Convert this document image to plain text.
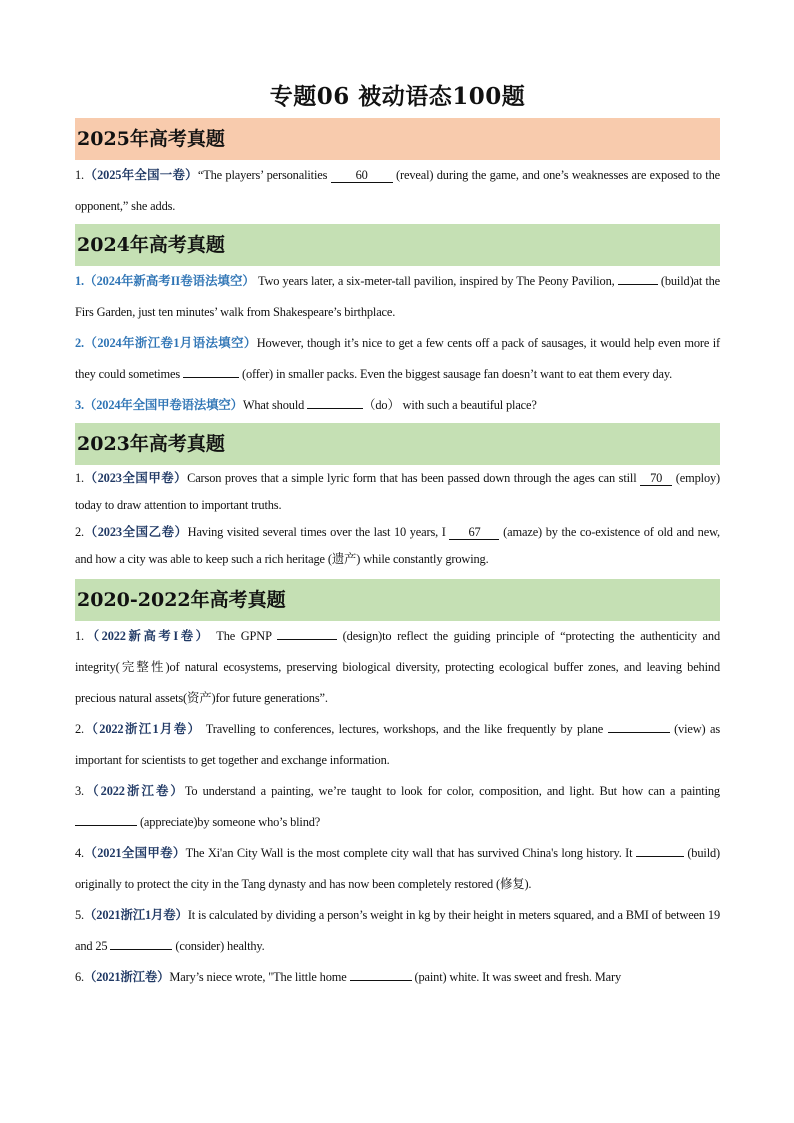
专题06 被动语态100题
2025年高考真题

1.（2025年全国一卷）“The players’ personalities 60 (reveal) during the game, and one’s weaknesses are exposed to the opponent,” she adds.

2024年高考真题

1.（2024年新高考II卷语法填空） Two years later, a six-meter-tall pavilion, inspired by The Peony Pavilion,	(build)at the Firs Garden, just ten minutes’ walk from Shakespeare’s birthplace.

2.（2024年浙江卷1月语法填空）However, though it’s nice to get a few cents off a pack of sausages, it would help even more if they could sometimes	(offer) in smaller packs. Even the biggest sausage fan doesn’t want to eat them every day.

3.（2024年全国甲卷语法填空）What should	（do） with such a beautiful place?

2023年高考真题

1.（2023全国甲卷）Carson proves that a simple lyric form that has been passed down through the ages can still 70 (employ) today to draw attention to important truths.

2.（2023全国乙卷）Having visited several times over the last 10 years, I 67 (amaze) by the co-existence of old and new, and how a city was able to keep such a rich heritage (遗产) while constantly growing.

2020-2022年高考真题

1.（2022新高考I卷） The GPNP	(design)to reflect the guiding principle of “protecting the authenticity and integrity(完整性)of natural ecosystems, preserving biological diversity, protecting ecological buffer zones, and leaving behind precious natural assets(资产)for future generations”.

2.（2022浙江1月卷） Travelling to conferences, lectures, workshops, and the like frequently by plane	(view) as important for scientists to get together and exchange information.

3.（2022浙江卷）To understand a painting, we’re taught to look for color, composition, and light. But how can a painting  (appreciate)by someone who’s blind?

4.（2021全国甲卷）The Xi'an City Wall is the most complete city wall that has survived China's long history. It	(build) originally to protect the city in the Tang dynasty and has now been completely restored (修复).

5.（2021浙江1月卷）It is calculated by dividing a person’s weight in kg by their height in meters squared, and a BMI of between 19 and 25	(consider) healthy.

6.（2021浙江卷）Mary’s niece wrote, "The little home	(paint) white. It was sweet and fresh. Mary
